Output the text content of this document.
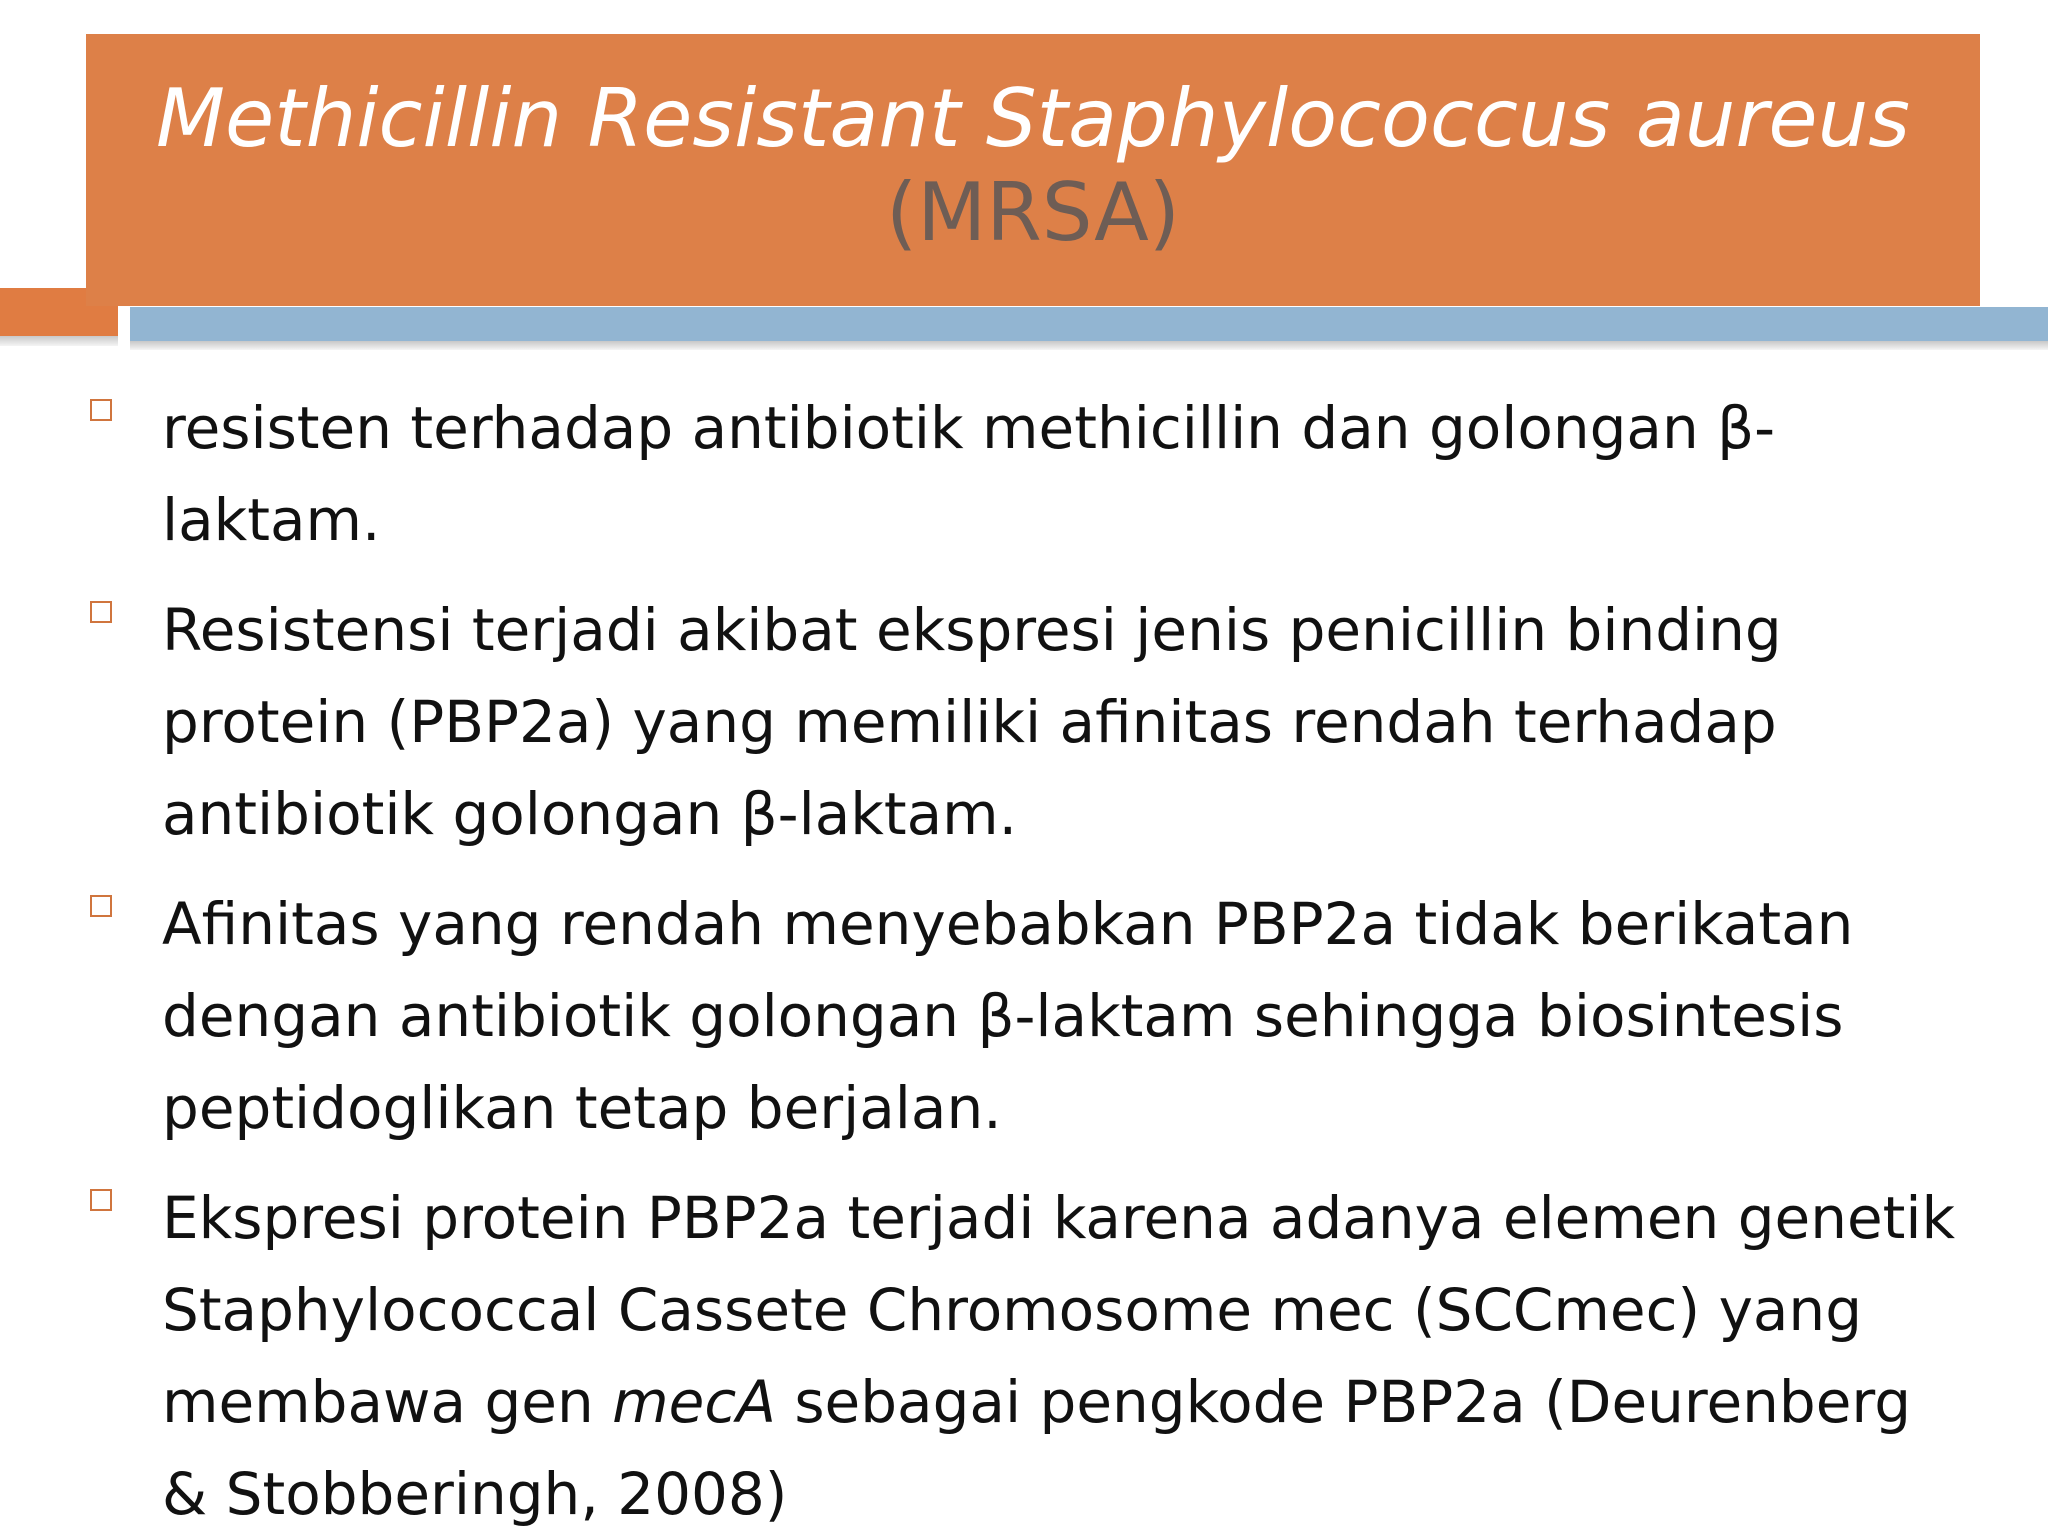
Methicillin Resistant Staphylococcus aureus
(MRSA)
resisten terhadap antibiotik methicillin dan golongan β-laktam.
Resistensi terjadi akibat ekspresi jenis penicillin binding protein (PBP2a) yang memiliki afinitas rendah terhadap antibiotik golongan β-laktam.
Afinitas yang rendah menyebabkan PBP2a tidak berikatan dengan antibiotik golongan β-laktam sehingga biosintesis peptidoglikan tetap berjalan.
Ekspresi protein PBP2a terjadi karena adanya elemen genetik Staphylococcal Cassete Chromosome mec (SCCmec) yang membawa gen mecA sebagai pengkode PBP2a (Deurenberg & Stobberingh, 2008)
